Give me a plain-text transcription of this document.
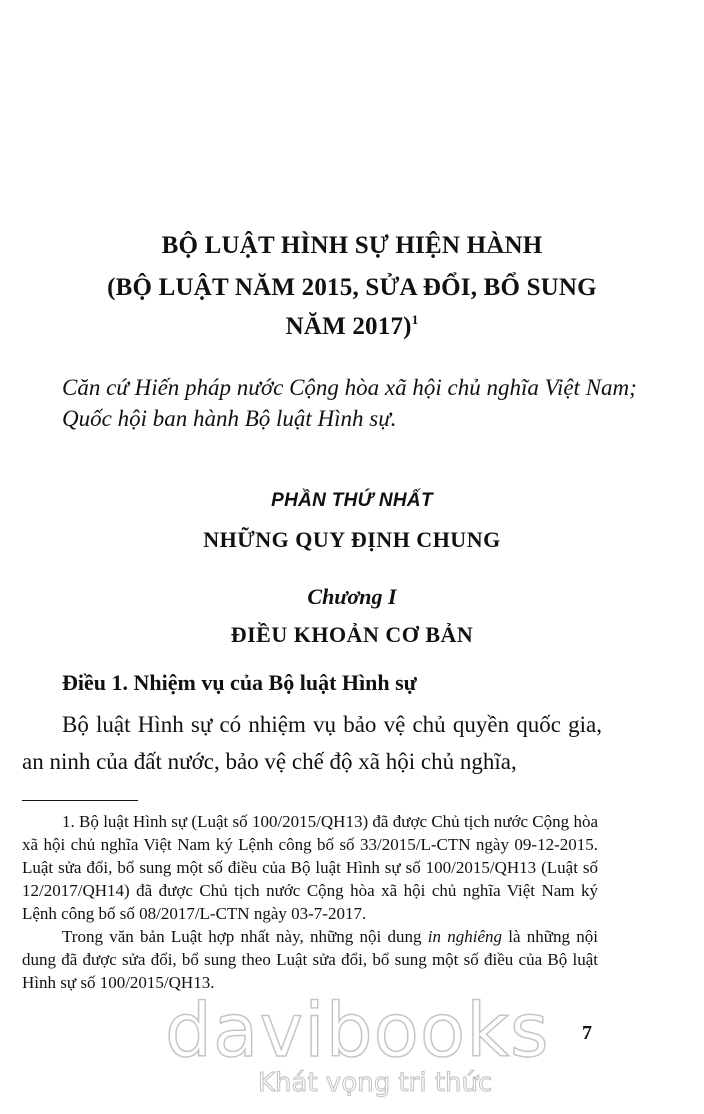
BỘ LUẬT HÌNH SỰ HIỆN HÀNH
(BỘ LUẬT NĂM 2015, SỬA ĐỔI, BỔ SUNG
NĂM 2017)$^1$

Căn cứ Hiến pháp nước Cộng hòa xã hội chủ nghĩa Việt Nam;

Quốc hội ban hành Bộ luật Hình sự.

PHẦN THỨ NHẤT
NHỮNG QUY ĐỊNH CHUNG
Chương I
ĐIỀU KHOẢN CƠ BẢN
Điều 1. Nhiệm vụ của Bộ luật Hình sự

Bộ luật Hình sự có nhiệm vụ bảo vệ chủ quyền quốc gia, an ninh của đất nước, bảo vệ chế độ xã hội chủ nghĩa,

1. Bộ luật Hình sự (Luật số 100/2015/QH13) đã được Chủ tịch nước Cộng hòa xã hội chủ nghĩa Việt Nam ký Lệnh công bố số 33/2015/L-CTN ngày 09-12-2015. Luật sửa đổi, bổ sung một số điều của Bộ luật Hình sự số 100/2015/QH13 (Luật số 12/2017/QH14) đã được Chủ tịch nước Cộng hòa xã hội chủ nghĩa Việt Nam ký Lệnh công bố số 08/2017/L-CTN ngày 03-7-2017.

Trong văn bản Luật hợp nhất này, những nội dung in nghiêng là những nội dung đã được sửa đổi, bổ sung theo Luật sửa đổi, bổ sung một số điều của Bộ luật Hình sự số 100/2015/QH13.

davibooks
Khát vọng tri thức
7
